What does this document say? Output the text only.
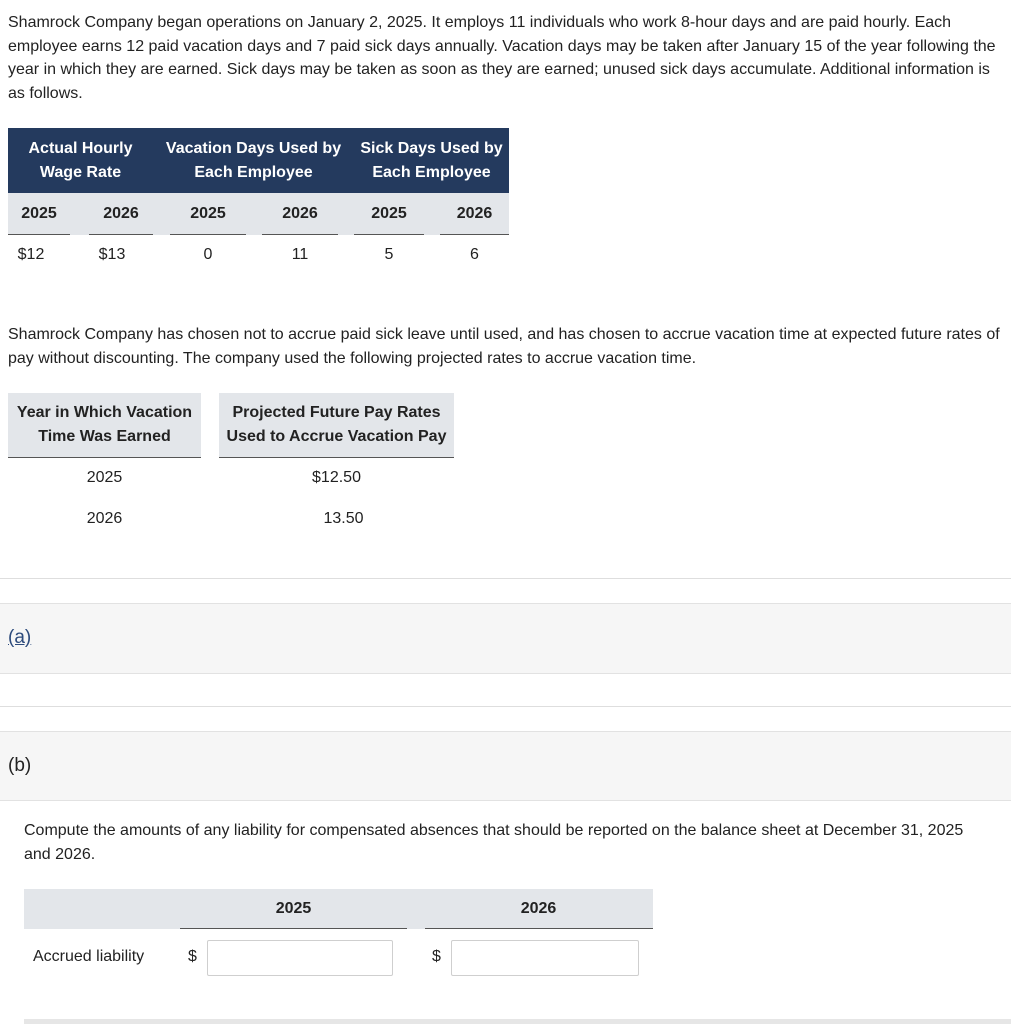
Shamrock Company began operations on January 2, 2025. It employs 11 individuals who work 8-hour days and are paid hourly. Each employee earns 12 paid vacation days and 7 paid sick days annually. Vacation days may be taken after January 15 of the year following the year in which they are earned. Sick days may be taken as soon as they are earned; unused sick days accumulate. Additional information is as follows.

Actual Hourly Wage Rate
Vacation Days Used by Each Employee
Sick Days Used by Each Employee
2025	2026	2025	2026	2025	2026
$12	$13	0	11	5	6

Shamrock Company has chosen not to accrue paid sick leave until used, and has chosen to accrue vacation time at expected future rates of pay without discounting. The company used the following projected rates to accrue vacation time.

Year in Which Vacation Time Was Earned
Projected Future Pay Rates Used to Accrue Vacation Pay
2025	$12.50
2026	13.50
(a)
(b)

Compute the amounts of any liability for compensated absences that should be reported on the balance sheet at December 31, 2025 and 2026.

2025	2026
Accrued liability	$	$
